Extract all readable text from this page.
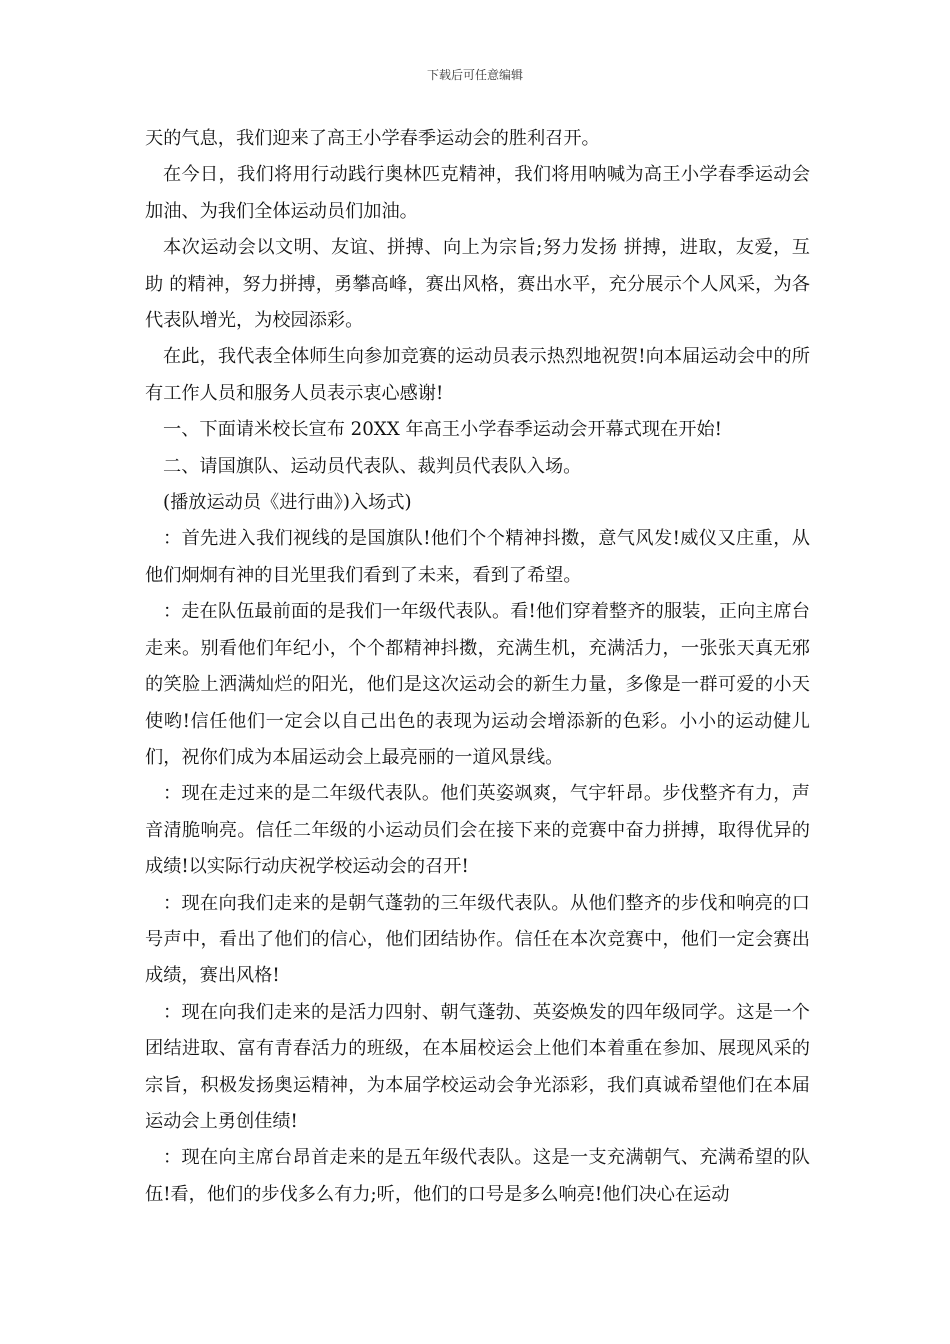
下载后可任意编辑

天的气息，我们迎来了高王小学春季运动会的胜利召开。

在今日，我们将用行动践行奥林匹克精神，我们将用呐喊为高王小学春季运动会加油、为我们全体运动员们加油。

本次运动会以文明、友谊、拼搏、向上为宗旨;努力发扬 拼搏，进取，友爱，互助 的精神，努力拼搏，勇攀高峰，赛出风格，赛出水平，充分展示个人风采，为各代表队增光，为校园添彩。

在此，我代表全体师生向参加竞赛的运动员表示热烈地祝贺!向本届运动会中的所有工作人员和服务人员表示衷心感谢!

一、下面请米校长宣布 20XX 年高王小学春季运动会开幕式现在开始!

二、请国旗队、运动员代表队、裁判员代表队入场。

(播放运动员《进行曲》)入场式)

：首先进入我们视线的是国旗队!他们个个精神抖擞，意气风发!威仪又庄重，从他们炯炯有神的目光里我们看到了未来，看到了希望。

：走在队伍最前面的是我们一年级代表队。看!他们穿着整齐的服装，正向主席台走来。别看他们年纪小，个个都精神抖擞，充满生机，充满活力，一张张天真无邪的笑脸上洒满灿烂的阳光，他们是这次运动会的新生力量，多像是一群可爱的小天使哟!信任他们一定会以自己出色的表现为运动会增添新的色彩。小小的运动健儿们，祝你们成为本届运动会上最亮丽的一道风景线。

：现在走过来的是二年级代表队。他们英姿飒爽，气宇轩昂。步伐整齐有力，声音清脆响亮。信任二年级的小运动员们会在接下来的竞赛中奋力拼搏，取得优异的成绩!以实际行动庆祝学校运动会的召开!

：现在向我们走来的是朝气蓬勃的三年级代表队。从他们整齐的步伐和响亮的口号声中，看出了他们的信心，他们团结协作。信任在本次竞赛中，他们一定会赛出成绩，赛出风格!

：现在向我们走来的是活力四射、朝气蓬勃、英姿焕发的四年级同学。这是一个团结进取、富有青春活力的班级，在本届校运会上他们本着重在参加、展现风采的宗旨，积极发扬奥运精神，为本届学校运动会争光添彩，我们真诚希望他们在本届运动会上勇创佳绩!

：现在向主席台昂首走来的是五年级代表队。这是一支充满朝气、充满希望的队伍!看，他们的步伐多么有力;听，他们的口号是多么响亮!他们决心在运动
